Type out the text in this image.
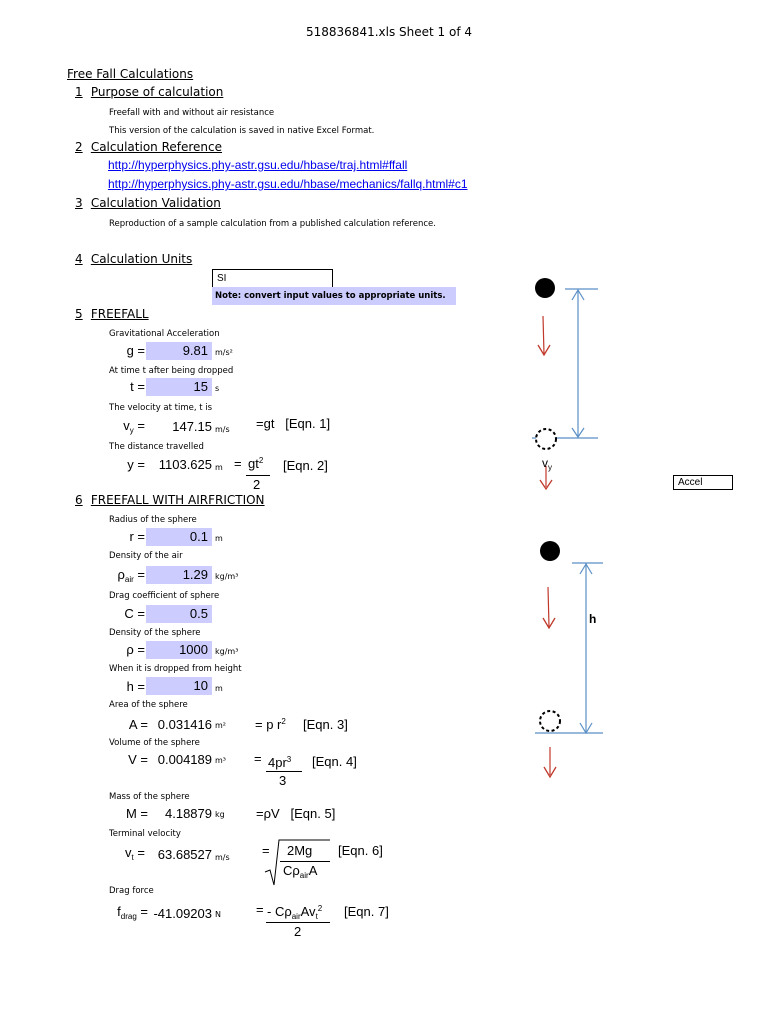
518836841.xls Sheet 1 of 4
Free Fall Calculations
1 Purpose of calculation
Freefall with and without air resistance
This version of the calculation is saved in native Excel Format.
2 Calculation Reference
http://hyperphysics.phy-astr.gsu.edu/hbase/traj.html#ffall
http://hyperphysics.phy-astr.gsu.edu/hbase/mechanics/fallq.html#c1
3 Calculation Validation
Reproduction of a sample calculation from a published calculation reference.
4 Calculation Units
SI
Note: convert input values to appropriate units.
5 FREEFALL
Gravitational Acceleration
g =	9.81 m/s²
At time t after being dropped
t =	15 s
The velocity at time, t is
$v_y$ =	147.15 m/s =gt   [Eqn. 1]
The distance travelled
y =	1103.625 $m = gt^2$
2
[Eqn. 2]
6 FREEFALL WITH AIRFRICTION
Radius of the sphere
r =	0.1 m
Density of the air
$\rho_{air}$ =	1.29 kg/m³
Drag coefficient of sphere
C =	0.5
Density of the sphere
ρ =	1000 kg/m³
When it is dropped from height
h =	10 m
Area of the sphere
A = 0.031416 m² = p $r^2$ [Eqn. 3]
Volume of the sphere
V = 0.004189 $m^3 = 4pr^3$
3
[Eqn. 4]
Mass of the sphere
M =	4.18879 kg =ρV   [Eqn. 5]
Terminal velocity
$v_t = 63.68527$ m/s = 2Mg
$C\rho_{air}A$
[Eqn. 6]
Drag force
$f_{drag} = -41.09203$ N	= - $C\rho_{air}Av_t^2$
2
[Eqn. 7]
$v_y$
Accel
h
